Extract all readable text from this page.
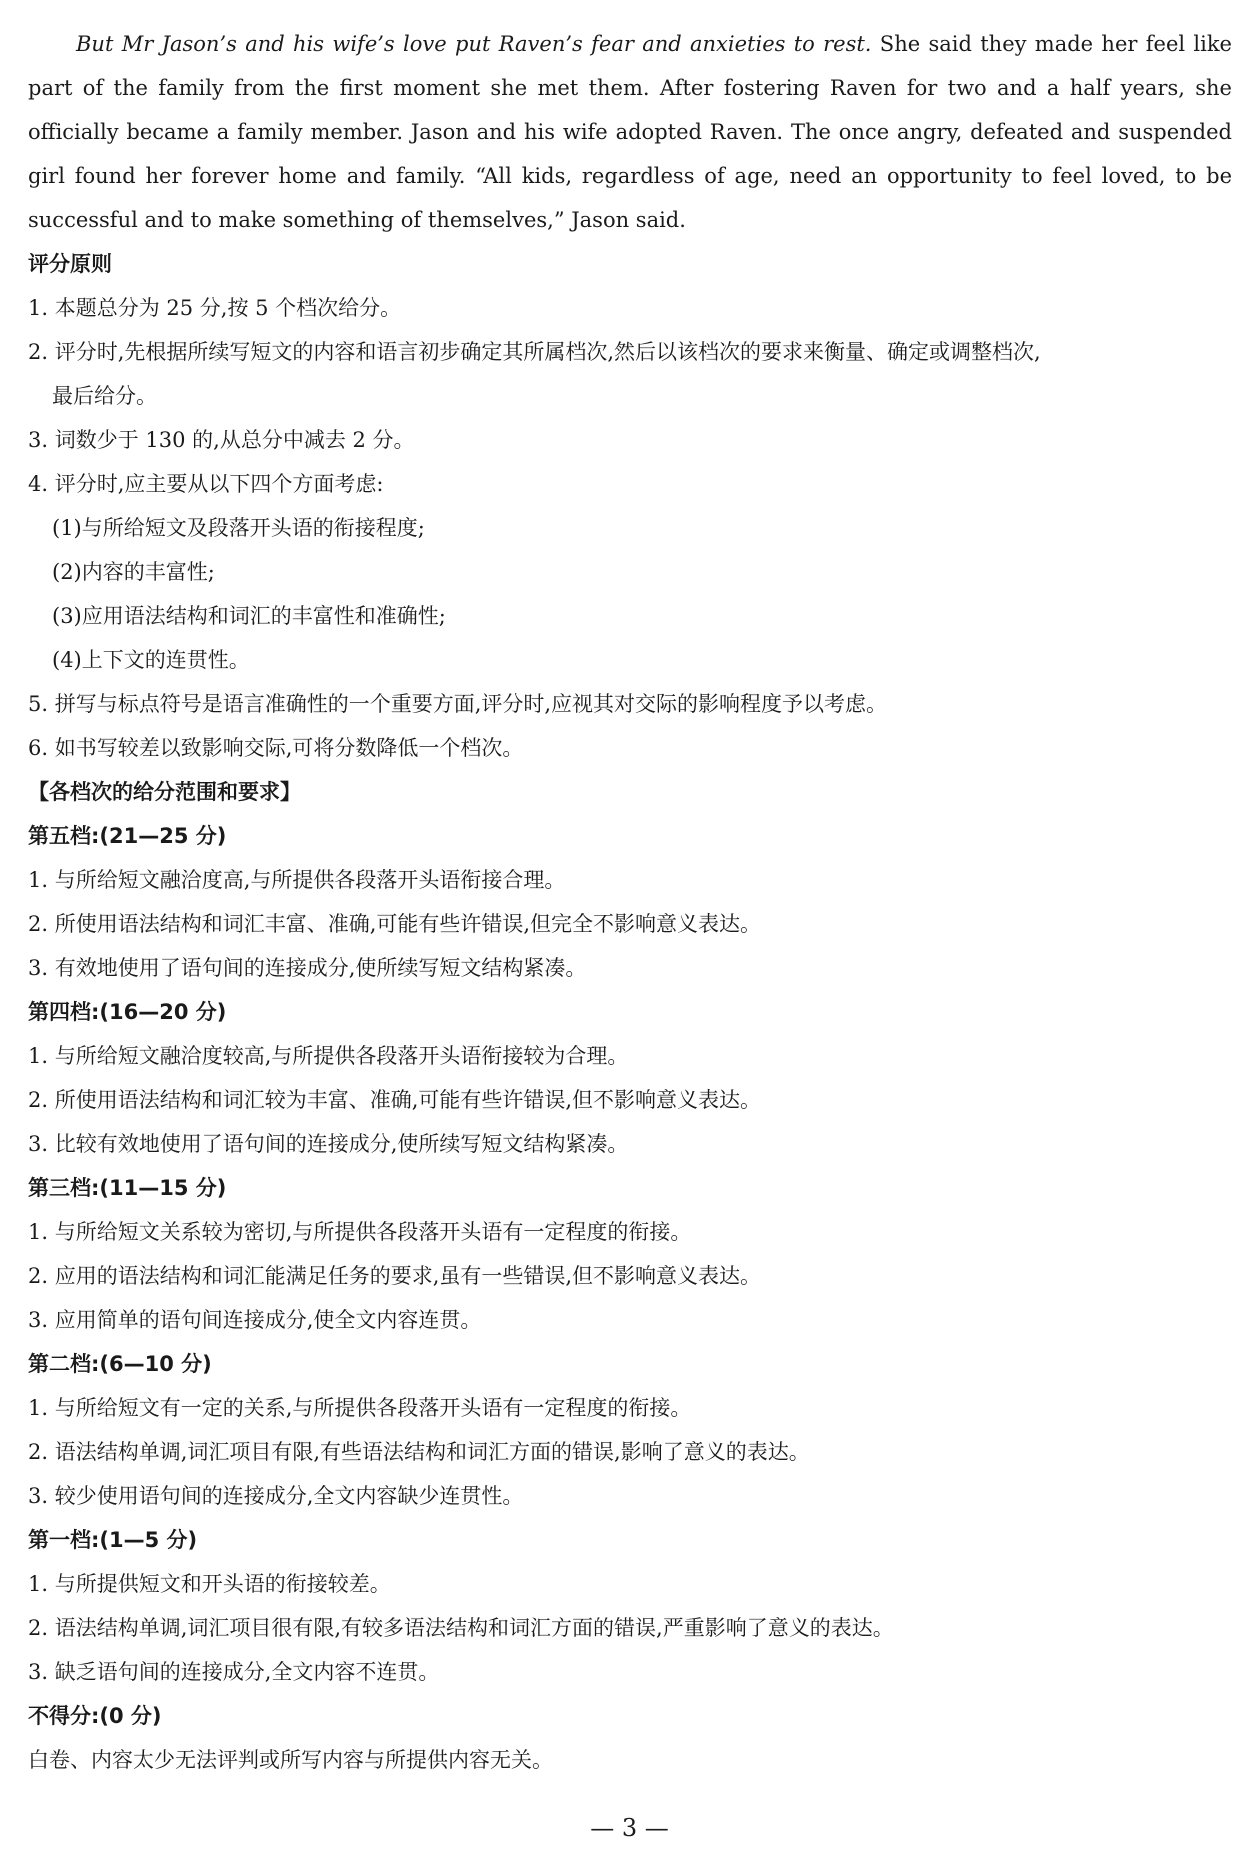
But Mr Jason’s and his wife’s love put Raven’s fear and anxieties to rest. She said they made her feel like part of the family from the first moment she met them. After fostering Raven for two and a half years, she officially became a family member. Jason and his wife adopted Raven. The once angry, defeated and suspended girl found her forever home and family. “All kids, regardless of age, need an opportunity to feel loved, to be successful and to make something of themselves,” Jason said.

评分原则

1. 本题总分为 25 分,按 5 个档次给分。

2. 评分时,先根据所续写短文的内容和语言初步确定其所属档次,然后以该档次的要求来衡量、确定或调整档次,

最后给分。

3. 词数少于 130 的,从总分中减去 2 分。

4. 评分时,应主要从以下四个方面考虑:

(1)与所给短文及段落开头语的衔接程度;

(2)内容的丰富性;

(3)应用语法结构和词汇的丰富性和准确性;

(4)上下文的连贯性。

5. 拼写与标点符号是语言准确性的一个重要方面,评分时,应视其对交际的影响程度予以考虑。

6. 如书写较差以致影响交际,可将分数降低一个档次。

【各档次的给分范围和要求】

第五档:(21—25 分)

1. 与所给短文融洽度高,与所提供各段落开头语衔接合理。

2. 所使用语法结构和词汇丰富、准确,可能有些许错误,但完全不影响意义表达。

3. 有效地使用了语句间的连接成分,使所续写短文结构紧凑。

第四档:(16—20 分)

1. 与所给短文融洽度较高,与所提供各段落开头语衔接较为合理。

2. 所使用语法结构和词汇较为丰富、准确,可能有些许错误,但不影响意义表达。

3. 比较有效地使用了语句间的连接成分,使所续写短文结构紧凑。

第三档:(11—15 分)

1. 与所给短文关系较为密切,与所提供各段落开头语有一定程度的衔接。

2. 应用的语法结构和词汇能满足任务的要求,虽有一些错误,但不影响意义表达。

3. 应用简单的语句间连接成分,使全文内容连贯。

第二档:(6—10 分)

1. 与所给短文有一定的关系,与所提供各段落开头语有一定程度的衔接。

2. 语法结构单调,词汇项目有限,有些语法结构和词汇方面的错误,影响了意义的表达。

3. 较少使用语句间的连接成分,全文内容缺少连贯性。

第一档:(1—5 分)

1. 与所提供短文和开头语的衔接较差。

2. 语法结构单调,词汇项目很有限,有较多语法结构和词汇方面的错误,严重影响了意义的表达。

3. 缺乏语句间的连接成分,全文内容不连贯。

不得分:(0 分)

白卷、内容太少无法评判或所写内容与所提供内容无关。

— 3 —
